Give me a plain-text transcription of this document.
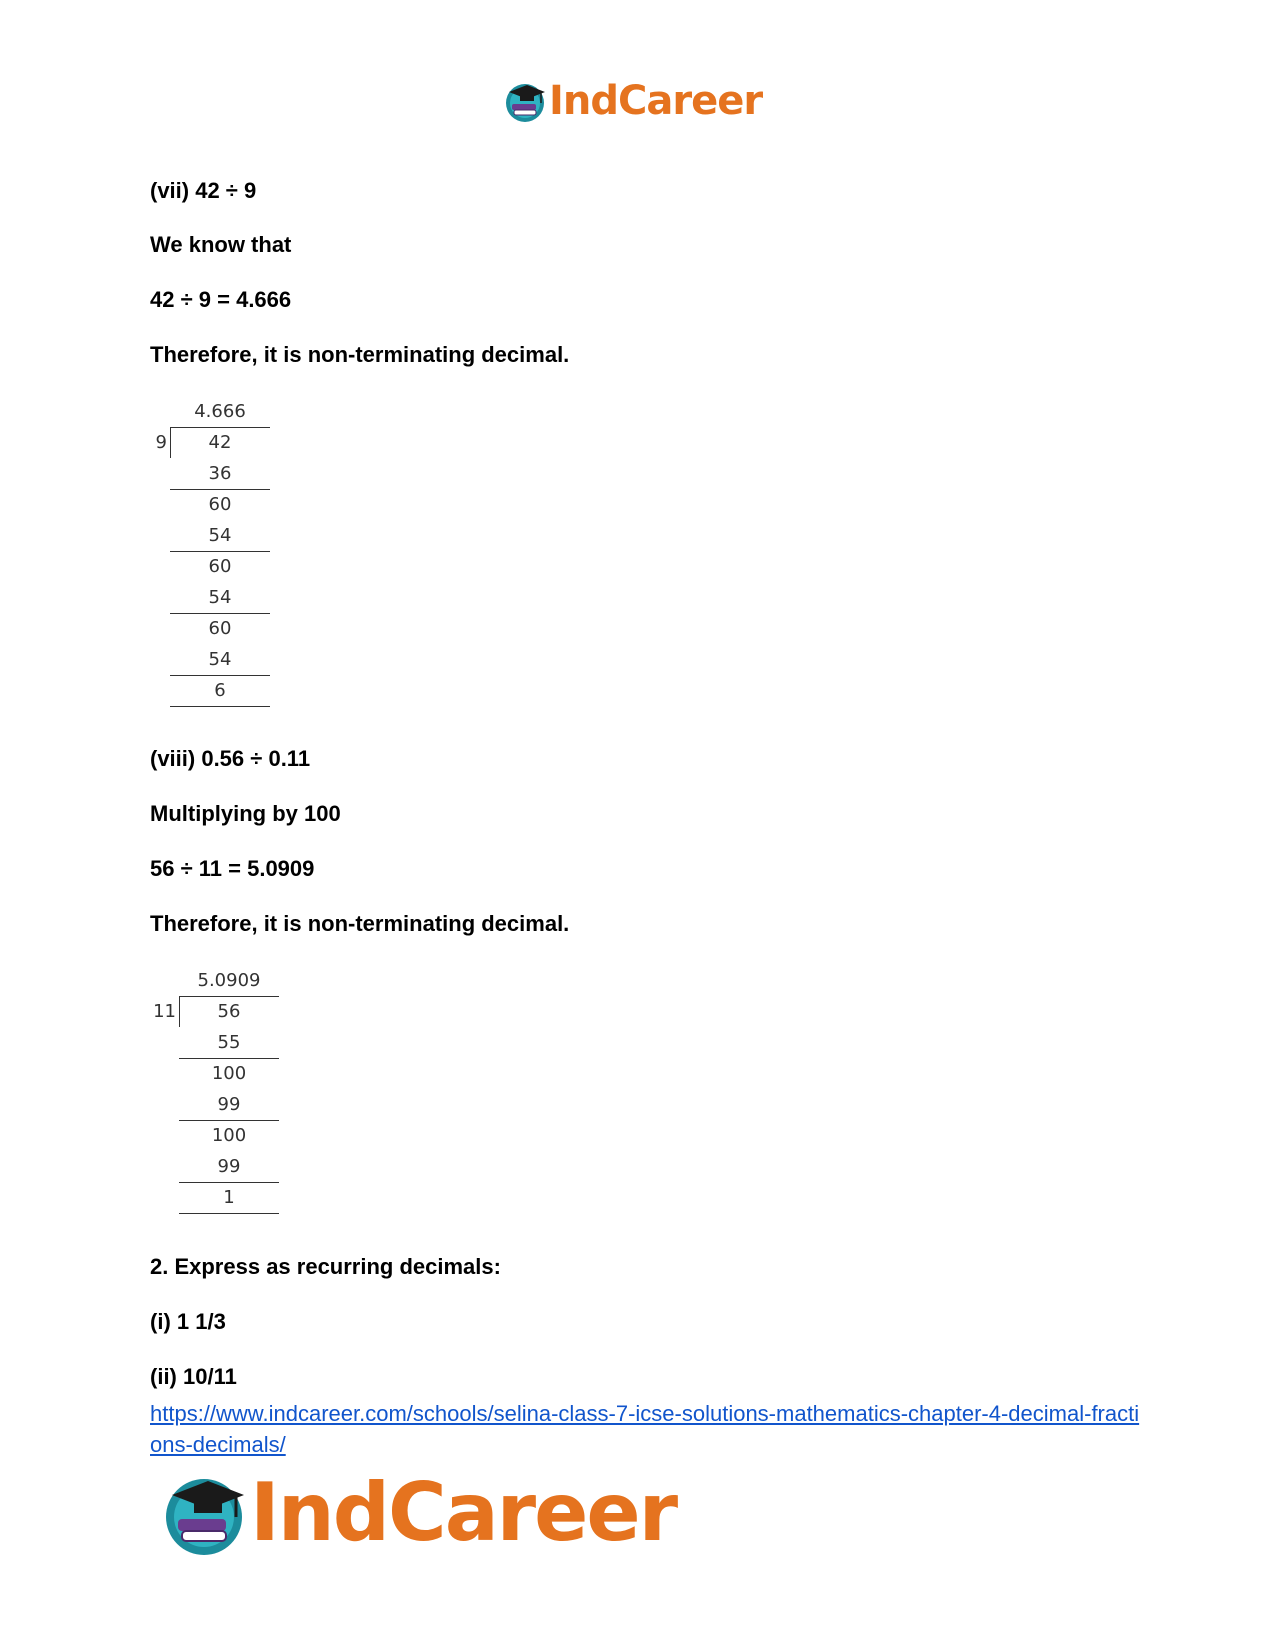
IndCareer
(vii) 42 ÷ 9
We know that
42 ÷ 9 = 4.666
Therefore, it is non-terminating decimal.
4.666
9	42
36
60
54
60
54
60
54
6
(viii) 0.56 ÷ 0.11
Multiplying by 100
56 ÷ 11 = 5.0909
Therefore, it is non-terminating decimal.
5.0909
11	56
55
100
99
100
99
1
2. Express as recurring decimals:
(i) 1 1/3
(ii) 10/11
https://www.indcareer.com/schools/selina-class-7-icse-solutions-mathematics-chapter-4-decimal-fractions-decimals/
IndCareer
